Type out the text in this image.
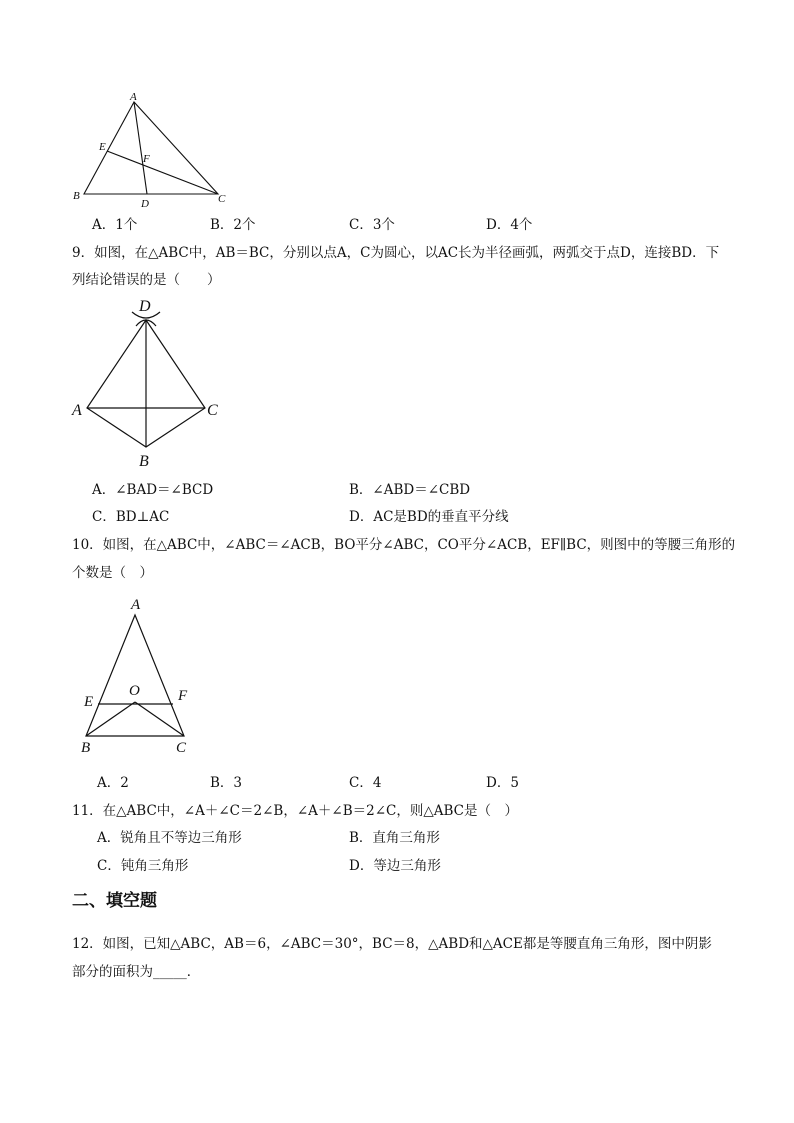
A
E
F
B
D	C
A．1个	B．2个	C．3个	D．4个
9．如图，在△ABC中，AB＝BC，分别以点A，C为圆心，以AC长为半径画弧，两弧交于点D，连接BD．下
列结论错误的是（　　）
D
A	C
B
A．∠BAD＝∠BCD	B．∠ABD＝∠CBD
C．BD⊥AC	D．AC是BD的垂直平分线
10．如图，在△ABC中，∠ABC＝∠ACB，BO平分∠ABC，CO平分∠ACB，EF∥BC，则图中的等腰三角形的
个数是（　）
A
O
E	F
B	C
A．2	B．3	C．4	D．5
11．在△ABC中，∠A＋∠C＝2∠B，∠A＋∠B＝2∠C，则△ABC是（　）
A．锐角且不等边三角形	B．直角三角形
C．钝角三角形	D．等边三角形
二、填空题
12．如图，已知△ABC，AB＝6，∠ABC＝30°，BC＝8，△ABD和△ACE都是等腰直角三角形，图中阴影
部分的面积为_____．
